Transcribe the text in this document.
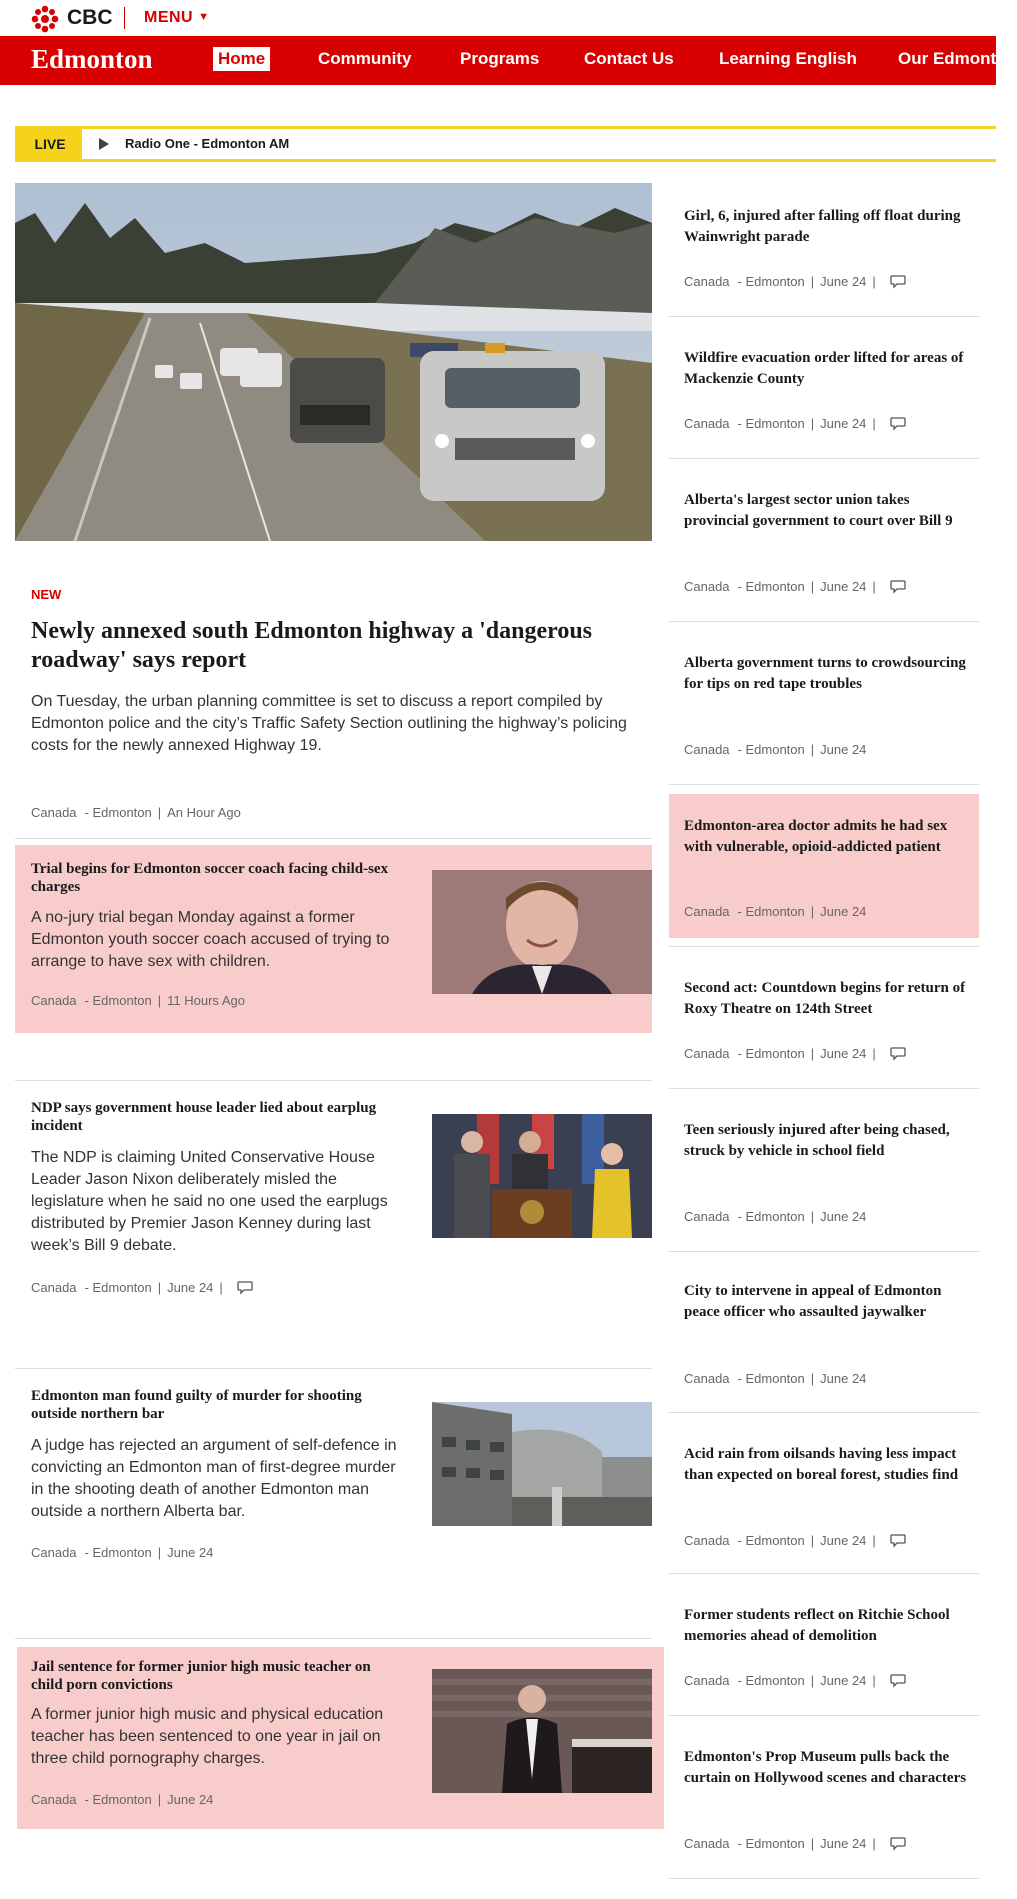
CBC MENU ▼
Edmonton	Home	Community	Programs	Contact Us	Learning English Our Edmonton
LIVE	Radio One - Edmonton AM
NEW
Newly annexed south Edmonton highway a 'dangerous roadway' says report

On Tuesday, the urban planning committee is set to discuss a report compiled by Edmonton police and the city’s Traffic Safety Section outlining the highway’s policing costs for the newly annexed Highway 19.

Canada - Edmonton | An Hour Ago
Trial begins for Edmonton soccer coach facing child-sex charges

A no-jury trial began Monday against a former Edmonton youth soccer coach accused of trying to arrange to have sex with children.

Canada - Edmonton | 11 Hours Ago
NDP says government house leader lied about earplug incident

The NDP is claiming United Conservative House Leader Jason Nixon deliberately misled the legislature when he said no one used the earplugs distributed by Premier Jason Kenney during last week’s Bill 9 debate.

Canada - Edmonton | June 24 |
Edmonton man found guilty of murder for shooting outside northern bar

A judge has rejected an argument of self-defence in convicting an Edmonton man of first-degree murder in the shooting death of another Edmonton man outside a northern Alberta bar.

Canada - Edmonton | June 24
Jail sentence for former junior high music teacher on child porn convictions

A former junior high music and physical education teacher has been sentenced to one year in jail on three child pornography charges.

Canada - Edmonton | June 24
Girl, 6, injured after falling off float during Wainwright parade
Canada - Edmonton | June 24 |
Wildfire evacuation order lifted for areas of Mackenzie County
Canada - Edmonton | June 24 |
Alberta's largest sector union takes provincial government to court over Bill 9
Canada - Edmonton | June 24 |
Alberta government turns to crowdsourcing for tips on red tape troubles
Canada - Edmonton | June 24
Edmonton-area doctor admits he had sex with vulnerable, opioid-addicted patient
Canada - Edmonton | June 24
Second act: Countdown begins for return of Roxy Theatre on 124th Street
Canada - Edmonton | June 24 |
Teen seriously injured after being chased, struck by vehicle in school field
Canada - Edmonton | June 24
City to intervene in appeal of Edmonton peace officer who assaulted jaywalker
Canada - Edmonton | June 24
Acid rain from oilsands having less impact than expected on boreal forest, studies find
Canada - Edmonton | June 24 |
Former students reflect on Ritchie School memories ahead of demolition
Canada - Edmonton | June 24 |
Edmonton's Prop Museum pulls back the curtain on Hollywood scenes and characters
Canada - Edmonton | June 24 |
